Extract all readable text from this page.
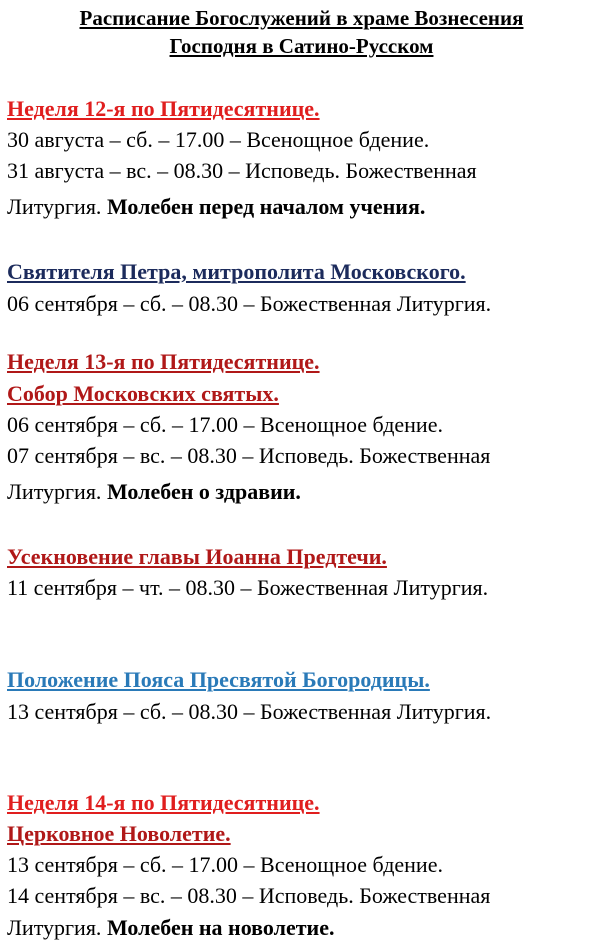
Расписание Богослужений в храме Вознесения
Господня в Сатино-Русском
Неделя 12-я по Пятидесятнице.
30 августа – сб. – 17.00 – Всенощное бдение.
31 августа – вс. – 08.30 – Исповедь. Божественная
Литургия. Молебен перед началом учения.
Святителя Петра, митрополита Московского.
06 сентября – сб. – 08.30 – Божественная Литургия.
Неделя 13-я по Пятидесятнице.
Собор Московских святых.
06 сентября – сб. – 17.00 – Всенощное бдение.
07 сентября – вс. – 08.30 – Исповедь. Божественная
Литургия. Молебен о здравии.
Усекновение главы Иоанна Предтечи.
11 сентября – чт. – 08.30 – Божественная Литургия.
Положение Пояса Пресвятой Богородицы.
13 сентября – сб. – 08.30 – Божественная Литургия.
Неделя 14-я по Пятидесятнице.
Церковное Новолетие.
13 сентября – сб. – 17.00 – Всенощное бдение.
14 сентября – вс. – 08.30 – Исповедь. Божественная
Литургия. Молебен на новолетие.
